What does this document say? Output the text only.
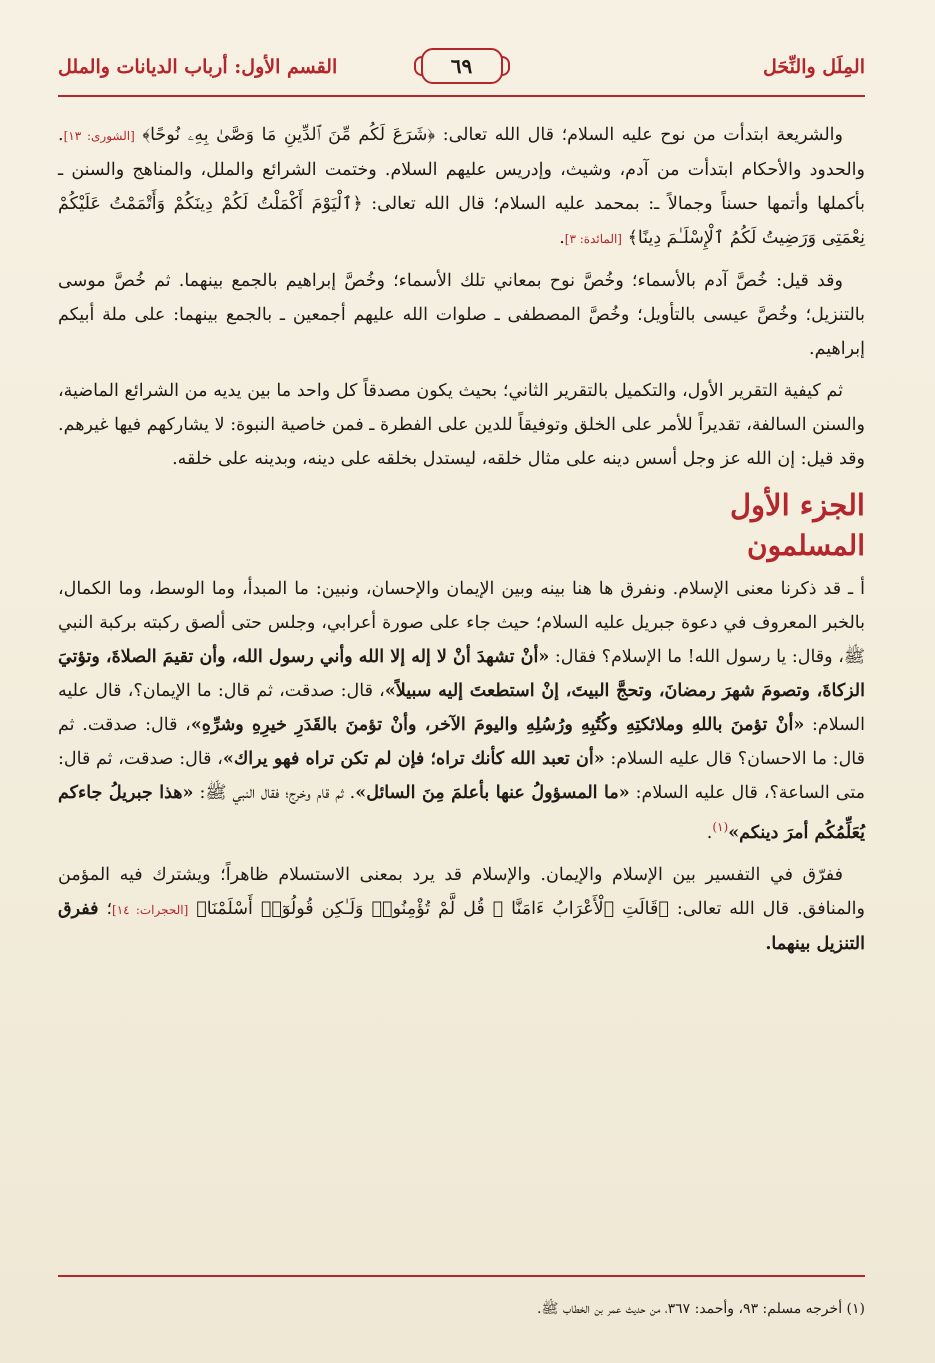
المِلَل والنِّحَل
٦٩
القسم الأول: أرباب الديانات والملل

والشريعة ابتدأت من نوح عليه السلام؛ قال الله تعالى: ﴿شَرَعَ لَكُم مِّنَ ٱلدِّينِ مَا وَصَّىٰ بِهِۦ نُوحًا﴾ [الشورى: ١٣]. والحدود والأحكام ابتدأت من آدم، وشيث، وإدريس عليهم السلام. وختمت الشرائع والملل، والمناهج والسنن ـ بأكملها وأتمها حسناً وجمالاً ـ: بمحمد عليه السلام؛ قال الله تعالى: ﴿ٱلْيَوْمَ أَكْمَلْتُ لَكُمْ دِينَكُمْ وَأَتْمَمْتُ عَلَيْكُمْ نِعْمَتِى وَرَضِيتُ لَكُمُ ٱلْإِسْلَـٰمَ دِينًا﴾ [المائدة: ٣].

وقد قيل: خُصَّ آدم بالأسماء؛ وخُصَّ نوح بمعاني تلك الأسماء؛ وخُصَّ إبراهيم بالجمع بينهما. ثم خُصَّ موسى بالتنزيل؛ وخُصَّ عيسى بالتأويل؛ وخُصَّ المصطفى ـ صلوات الله عليهم أجمعين ـ بالجمع بينهما: على ملة أبيكم إبراهيم.

ثم كيفية التقرير الأول، والتكميل بالتقرير الثاني؛ بحيث يكون مصدقاً كل واحد ما بين يديه من الشرائع الماضية، والسنن السالفة، تقديراً للأمر على الخلق وتوفيقاً للدين على الفطرة ـ فمن خاصية النبوة: لا يشاركهم فيها غيرهم. وقد قيل: إن الله عز وجل أسس دينه على مثال خلقه، ليستدل بخلقه على دينه، وبدينه على خلقه.

الجزء الأول
المسلمون

أ ـ قد ذكرنا معنى الإسلام. ونفرق ها هنا بينه وبين الإيمان والإحسان، ونبين: ما المبدأ، وما الوسط، وما الكمال، بالخبر المعروف في دعوة جبريل عليه السلام؛ حيث جاء على صورة أعرابي، وجلس حتى ألصق ركبته بركبة النبي ﷺ، وقال: يا رسول الله! ما الإسلام؟ فقال: «أنْ تشهدَ أنْ لا إله إلا الله وأني رسول الله، وأن تقيمَ الصلاةَ، وتؤتيَ الزكاةَ، وتصومَ شهرَ رمضانَ، وتحجَّ البيتَ، إنْ استطعتَ إليه سبيلاً»، قال: صدقت، ثم قال: ما الإيمان؟، قال عليه السلام: «أنْ تؤمنَ باللهِ وملائكتِهِ وكُتُبِهِ ورُسُلِهِ واليومَ الآخر، وأنْ تؤمنَ بالقَدَرِ خيرِهِ وشرِّهِ»، قال: صدقت. ثم قال: ما الاحسان؟ قال عليه السلام: «أن تعبد الله كأنك تراه؛ فإن لم تكن تراه فهو يراك»، قال: صدقت، ثم قال: متى الساعة؟، قال عليه السلام: «ما المسؤولُ عنها بأعلمَ مِنَ السائل». ثم قام وخرج؛ فقال النبي ﷺ: «هذا جبريلُ جاءكم يُعَلِّمُكُم أمرَ دينكم»$^{(١)}$.

ففرّق في التفسير بين الإسلام والإيمان. والإسلام قد يرد بمعنى الاستسلام ظاهراً؛ ويشترك فيه المؤمن والمنافق. قال الله تعالى: ﴿قَالَتِ ٱلْأَعْرَابُ ءَامَنَّا ۖ قُل لَّمْ تُؤْمِنُوا۟ وَلَـٰكِن قُولُوٓا۟ أَسْلَمْنَا﴾ [الحجرات: ١٤]؛ ففرق التنزيل بينهما.

(١) أخرجه مسلم: ٩٣، وأحمد: ٣٦٧، من حديث عمر بن الخطاب ﷺ.
